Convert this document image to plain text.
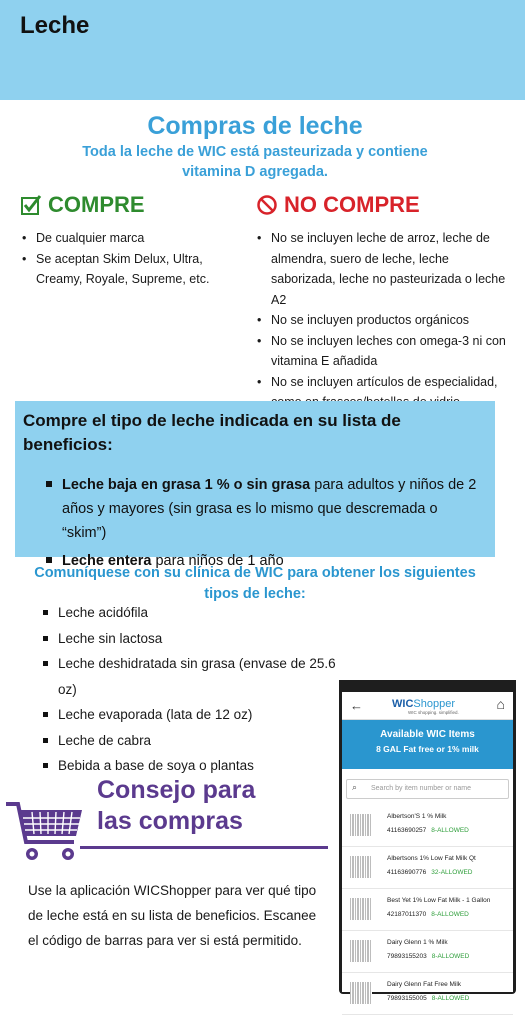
Leche
Compras de leche
Toda la leche de WIC está pasteurizada y contiene vitamina D agregada.
COMPRE	NO COMPRE
• De cualquier marca
• Se aceptan Skim Delux, Ultra, Creamy, Royale, Supreme, etc.
• No se incluyen leche de arroz, leche de almendra, suero de leche, leche saborizada, leche no pasteurizada o leche A2
• No se incluyen productos orgánicos
• No se incluyen leches con omega-3 ni con vitamina E añadida
• No se incluyen artículos de especialidad,
Compre el tipo de leche indicada en su lista de beneficios:
Leche baja en grasa 1 % o sin grasa para adultos y niños de 2 años y mayores (sin grasa es lo mismo que descremada o “skim”)
Leche entera para niños de 1 año
Comuníquese con su clínica de WIC para obtener los siguientes tipos de leche:
Leche acidófila
Leche sin lactosa
Leche deshidratada sin grasa (envase de 25.6 oz)
Leche evaporada (lata de 12 oz)
Leche de cabra
Bebida a base de soya o plantas
Consejo para
las compras
Use la aplicación WICShopper para ver qué tipo de leche está en su lista de beneficios. Escanee el código de barras para ver si está permitido.
←	WICShopper
WIC shopping. simplified.
⌂
Available WIC Items
8 GAL Fat free or 1% milk
⌕ Search by item number or name
Albertson'S 1 % Milk
41163690257 8-ALLOWED
Albertsons 1% Low Fat Milk Qt
41163690776 32-ALLOWED
Best Yet 1% Low Fat Milk - 1 Gallon
42187011370 8-ALLOWED
Dairy Glenn 1 % Milk
79893155203 8-ALLOWED
Dairy Glenn Fat Free Milk
79893155005 8-ALLOWED
